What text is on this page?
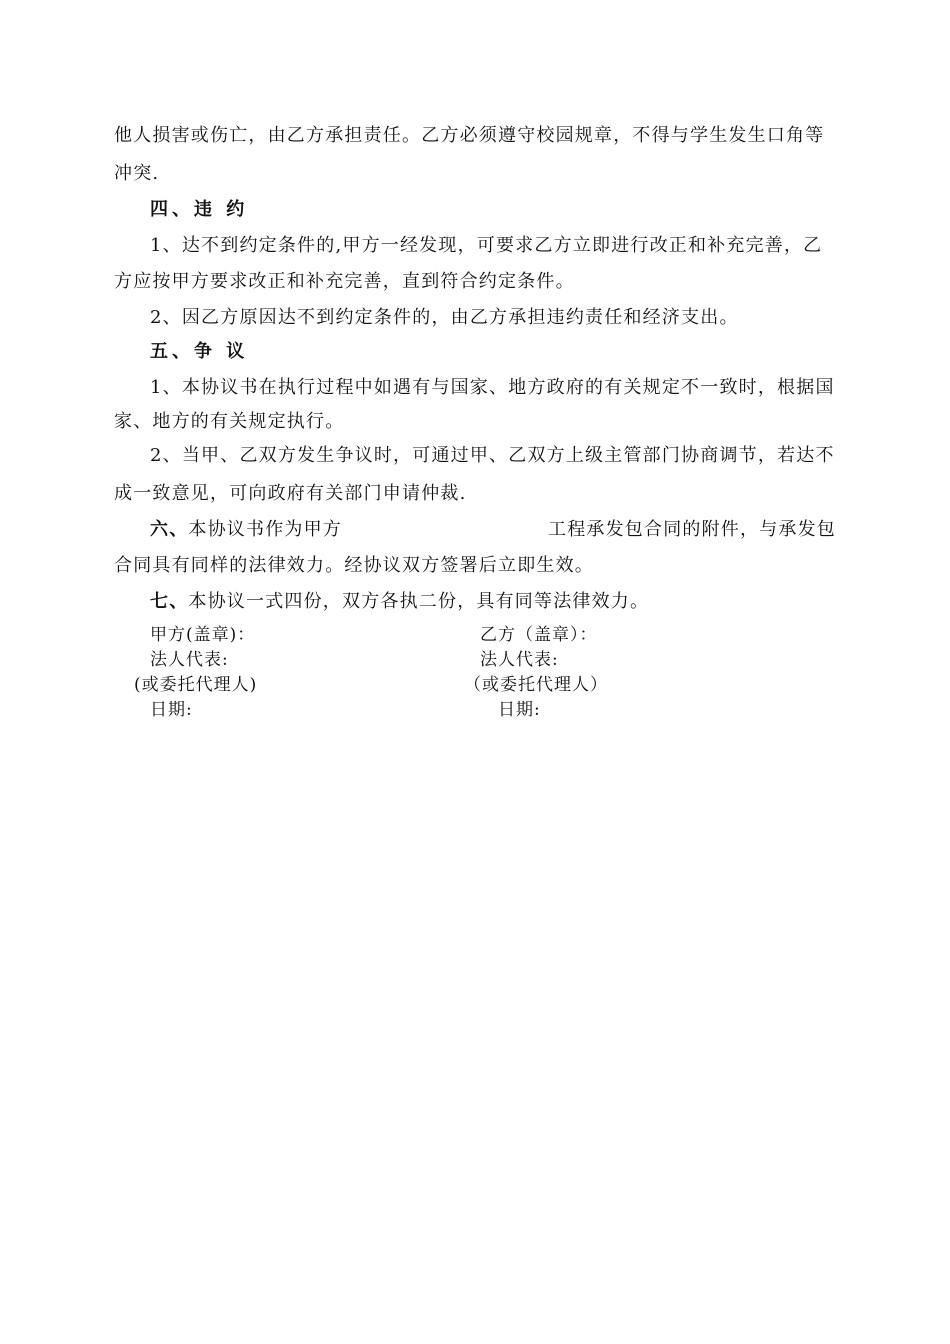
他人损害或伤亡，由乙方承担责任。乙方必须遵守校园规章，不得与学生发生口角等
冲突.
四、违 约
1、达不到约定条件的,甲方一经发现，可要求乙方立即进行改正和补充完善，乙
方应按甲方要求改正和补充完善，直到符合约定条件。
2、因乙方原因达不到约定条件的，由乙方承担违约责任和经济支出。
五、争 议
1、本协议书在执行过程中如遇有与国家、地方政府的有关规定不一致时，根据国
家、地方的有关规定执行。
2、当甲、乙双方发生争议时，可通过甲、乙双方上级主管部门协商调节，若达不
成一致意见，可向政府有关部门申请仲裁.
六、本协议书作为甲方	工程承发包合同的附件，与承发包
合同具有同样的法律效力。经协议双方签署后立即生效。
七、本协议一式四份，双方各执二份，具有同等法律效力。
甲方(盖章)：
法人代表:
(或委托代理人)
日期:
乙方（盖章）：
法人代表:
（或委托代理人）
日期:
